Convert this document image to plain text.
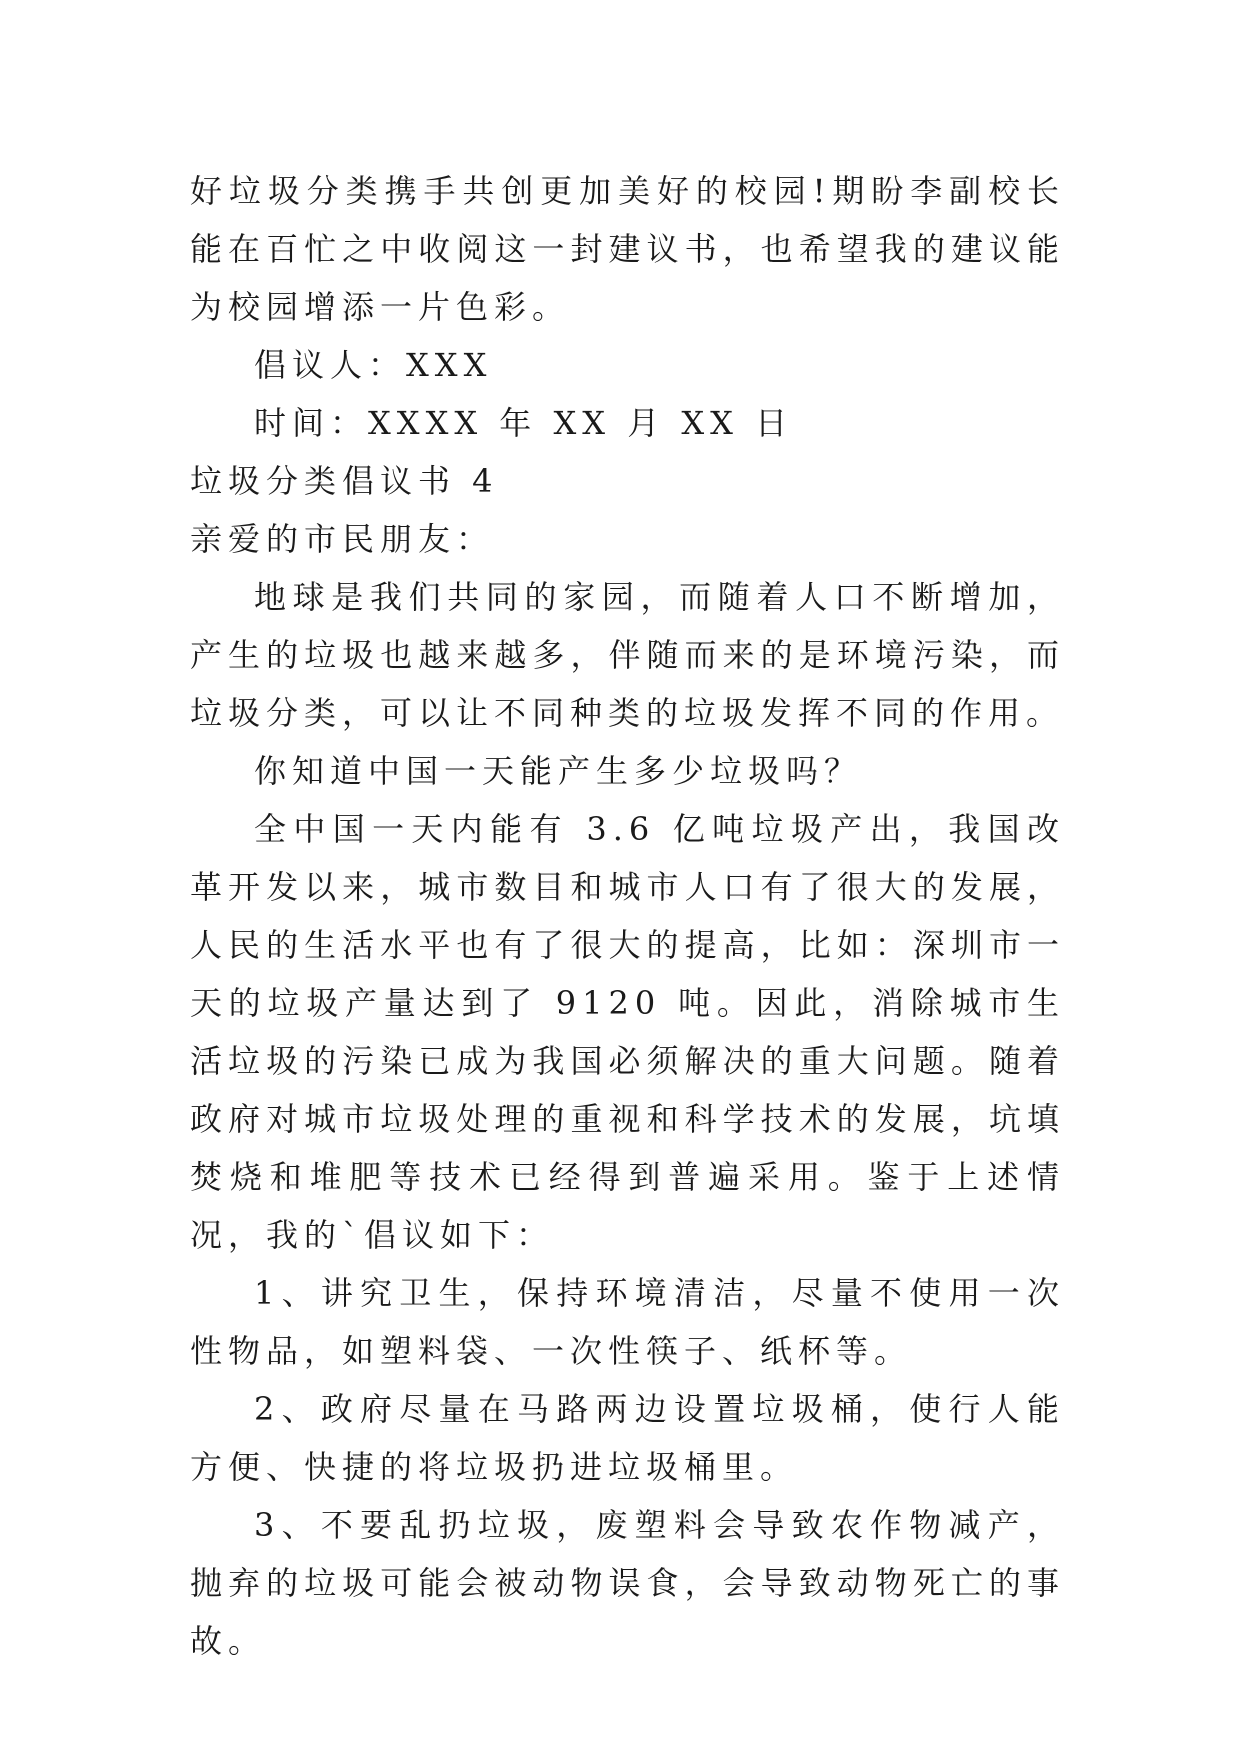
好垃圾分类携手共创更加美好的校园!期盼李副校长能在百忙之中收阅这一封建议书，也希望我的建议能为校园增添一片色彩。

倡议人：XXX

时间：XXXX 年 XX 月 XX 日

垃圾分类倡议书 4

亲爱的市民朋友：

地球是我们共同的家园，而随着人口不断增加，产生的垃圾也越来越多，伴随而来的是环境污染，而垃圾分类，可以让不同种类的垃圾发挥不同的作用。

你知道中国一天能产生多少垃圾吗？

全中国一天内能有 3.6 亿吨垃圾产出，我国改革开发以来，城市数目和城市人口有了很大的发展，人民的生活水平也有了很大的提高，比如：深圳市一天的垃圾产量达到了 9120 吨。因此，消除城市生活垃圾的污染已成为我国必须解决的重大问题。随着政府对城市垃圾处理的重视和科学技术的发展，坑填焚烧和堆肥等技术已经得到普遍采用。鉴于上述情况，我的`倡议如下：

1、讲究卫生，保持环境清洁，尽量不使用一次性物品，如塑料袋、一次性筷子、纸杯等。

2、政府尽量在马路两边设置垃圾桶，使行人能方便、快捷的将垃圾扔进垃圾桶里。

3、不要乱扔垃圾，废塑料会导致农作物减产，抛弃的垃圾可能会被动物误食，会导致动物死亡的事故。
